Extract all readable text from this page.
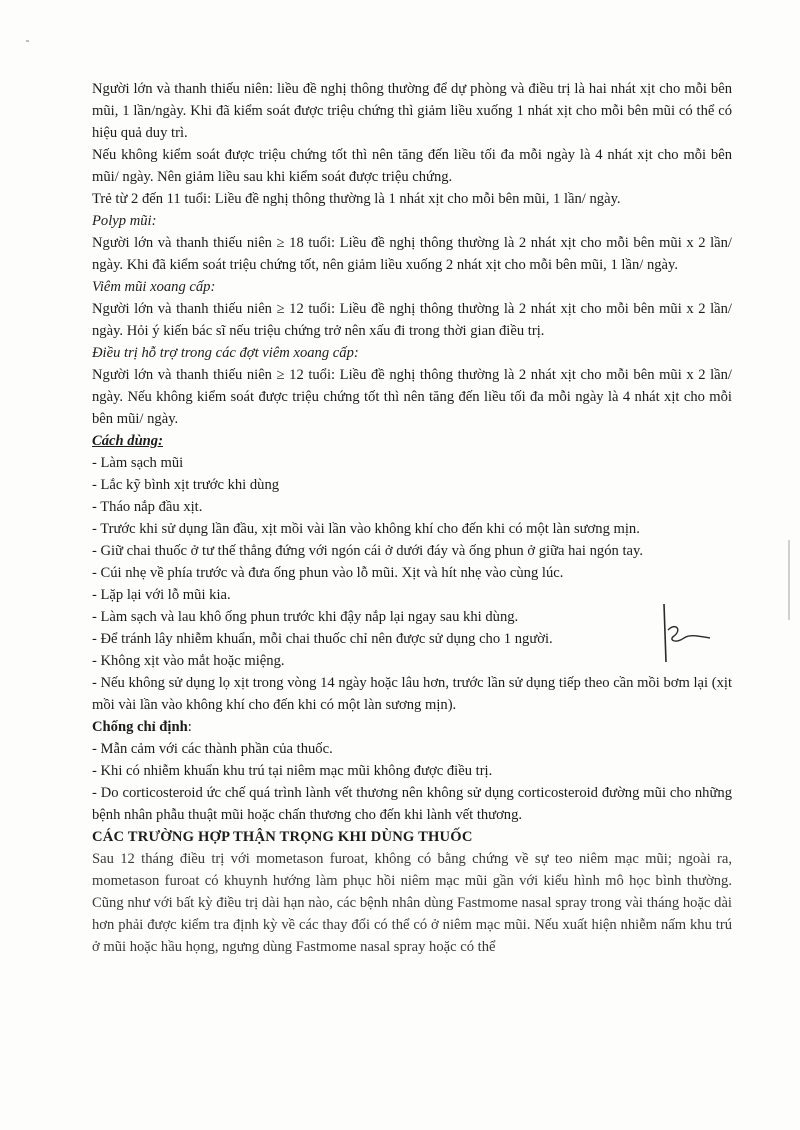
Người lớn và thanh thiếu niên: liều đề nghị thông thường để dự phòng và điều trị là hai nhát xịt cho mỗi bên mũi, 1 lần/ngày. Khi đã kiểm soát được triệu chứng thì giảm liều xuống 1 nhát xịt cho mỗi bên mũi có thể có hiệu quả duy trì.

Nếu không kiểm soát được triệu chứng tốt thì nên tăng đến liều tối đa mỗi ngày là 4 nhát xịt cho mỗi bên mũi/ ngày. Nên giảm liều sau khi kiểm soát được triệu chứng.

Trẻ từ 2 đến 11 tuổi: Liều đề nghị thông thường là 1 nhát xịt cho mỗi bên mũi, 1 lần/ ngày.

Polyp mũi:

Người lớn và thanh thiếu niên ≥ 18 tuổi: Liều đề nghị thông thường là 2 nhát xịt cho mỗi bên mũi x 2 lần/ ngày. Khi đã kiểm soát triệu chứng tốt, nên giảm liều xuống 2 nhát xịt cho mỗi bên mũi, 1 lần/ ngày.

Viêm mũi xoang cấp:

Người lớn và thanh thiếu niên ≥ 12 tuổi: Liều đề nghị thông thường là 2 nhát xịt cho mỗi bên mũi x 2 lần/ ngày. Hỏi ý kiến bác sĩ nếu triệu chứng trở nên xấu đi trong thời gian điều trị.

Điều trị hỗ trợ trong các đợt viêm xoang cấp:

Người lớn và thanh thiếu niên ≥ 12 tuổi: Liều đề nghị thông thường là 2 nhát xịt cho mỗi bên mũi x 2 lần/ ngày. Nếu không kiểm soát được triệu chứng tốt thì nên tăng đến liều tối đa mỗi ngày là 4 nhát xịt cho mỗi bên mũi/ ngày.

Cách dùng:

- Làm sạch mũi

- Lắc kỹ bình xịt trước khi dùng

- Tháo nắp đầu xịt.

- Trước khi sử dụng lần đầu, xịt mồi vài lần vào không khí cho đến khi có một làn sương mịn.

- Giữ chai thuốc ở tư thế thẳng đứng với ngón cái ở dưới đáy và ống phun ở giữa hai ngón tay.

- Cúi nhẹ về phía trước và đưa ống phun vào lỗ mũi. Xịt và hít nhẹ vào cùng lúc.

- Lặp lại với lỗ mũi kia.

- Làm sạch và lau khô ống phun trước khi đậy nắp lại ngay sau khi dùng.

- Để tránh lây nhiễm khuẩn, mỗi chai thuốc chỉ nên được sử dụng cho 1 người.

- Không xịt vào mắt hoặc miệng.

- Nếu không sử dụng lọ xịt trong vòng 14 ngày hoặc lâu hơn, trước lần sử dụng tiếp theo cần mồi bơm lại (xịt mồi vài lần vào không khí cho đến khi có một làn sương mịn).

Chống chỉ định:

- Mẫn cảm với các thành phần của thuốc.

- Khi có nhiễm khuẩn khu trú tại niêm mạc mũi không được điều trị.

- Do corticosteroid ức chế quá trình lành vết thương nên không sử dụng corticosteroid đường mũi cho những bệnh nhân phẫu thuật mũi hoặc chấn thương cho đến khi lành vết thương.

CÁC TRƯỜNG HỢP THẬN TRỌNG KHI DÙNG THUỐC

Sau 12 tháng điều trị với mometason furoat, không có bằng chứng về sự teo niêm mạc mũi; ngoài ra, mometason furoat có khuynh hướng làm phục hồi niêm mạc mũi gần với kiểu hình mô học bình thường. Cũng như với bất kỳ điều trị dài hạn nào, các bệnh nhân dùng Fastmome nasal spray trong vài tháng hoặc dài hơn phải được kiểm tra định kỳ về các thay đổi có thể có ở niêm mạc mũi. Nếu xuất hiện nhiễm nấm khu trú ở mũi hoặc hầu họng, ngưng dùng Fastmome nasal spray hoặc có thể
